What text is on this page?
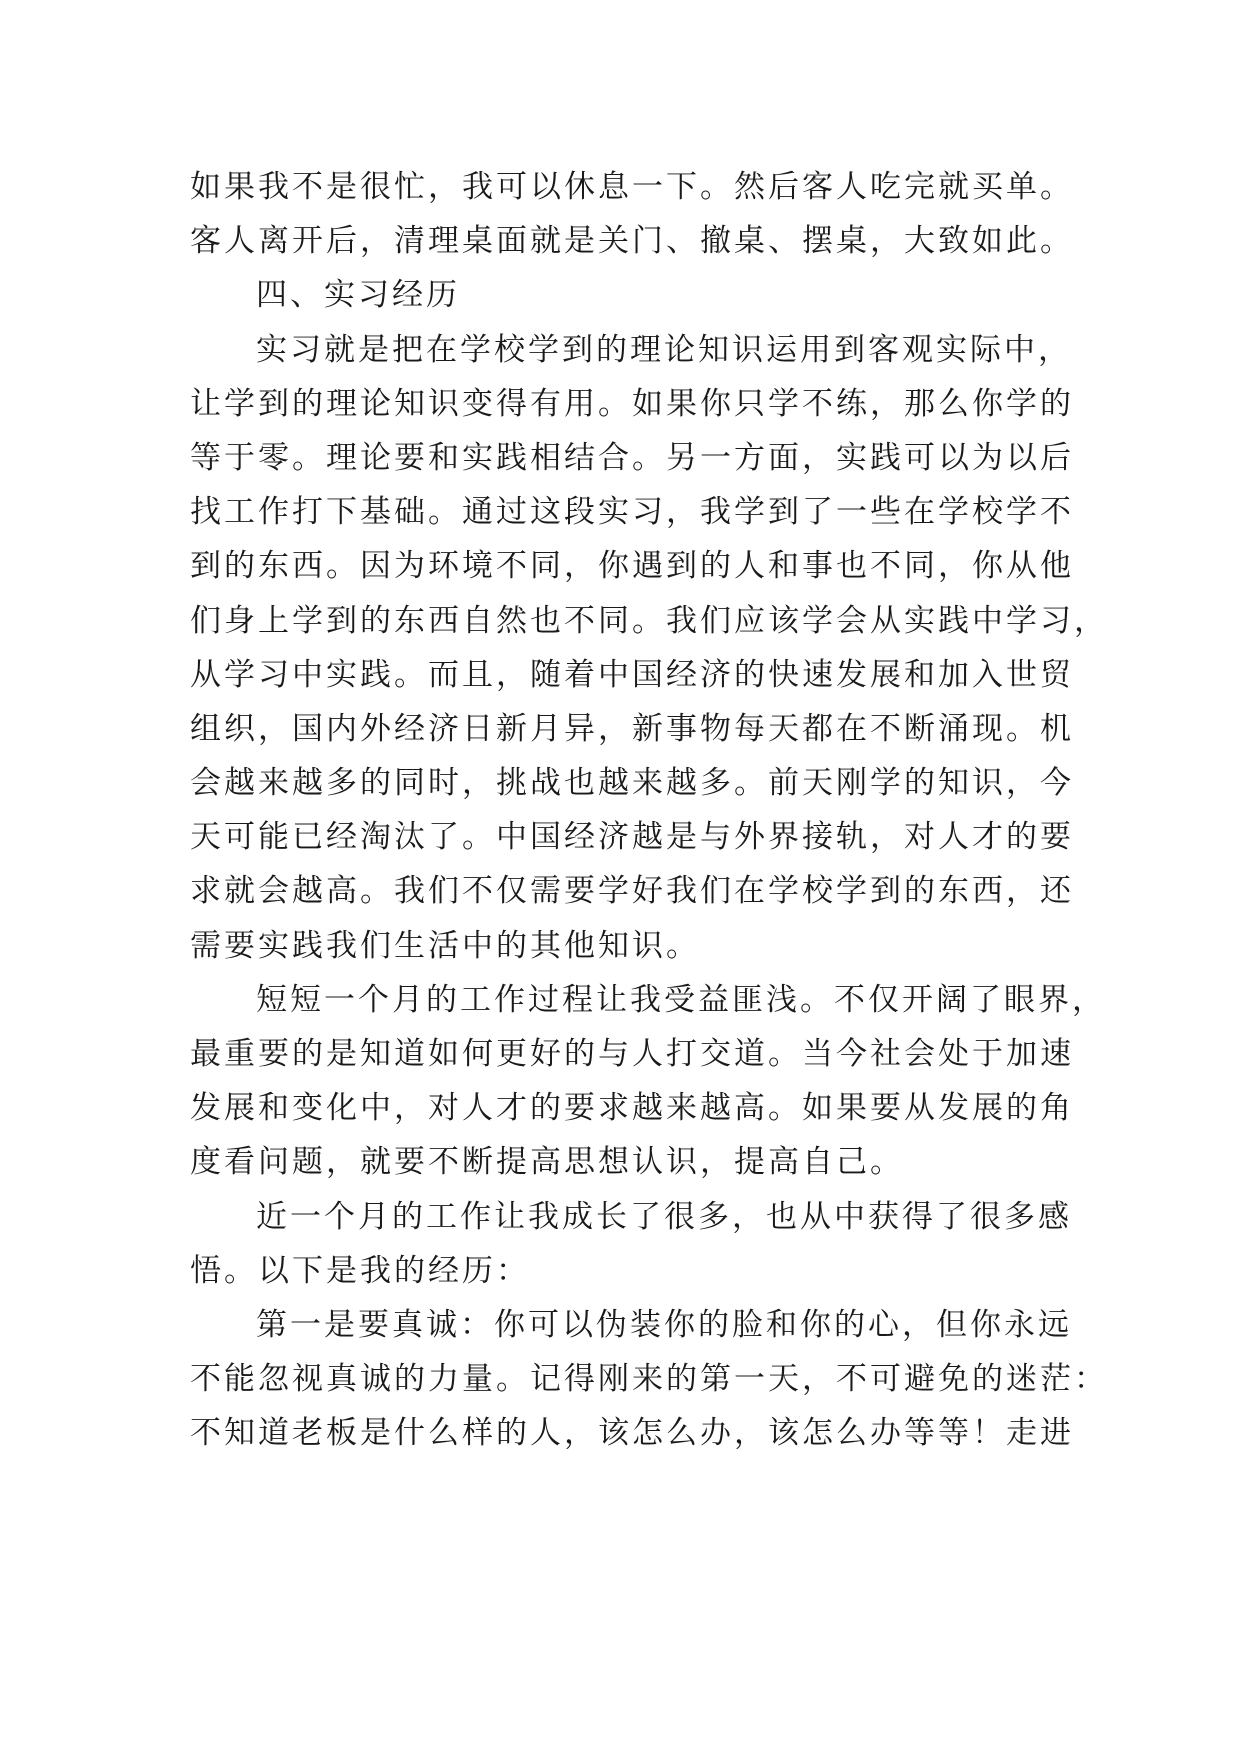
如果我不是很忙，我可以休息一下。然后客人吃完就买单。
客人离开后，清理桌面就是关门、撤桌、摆桌，大致如此。
四、实习经历
实习就是把在学校学到的理论知识运用到客观实际中，
让学到的理论知识变得有用。如果你只学不练，那么你学的
等于零。理论要和实践相结合。另一方面，实践可以为以后
找工作打下基础。通过这段实习，我学到了一些在学校学不
到的东西。因为环境不同，你遇到的人和事也不同，你从他
们身上学到的东西自然也不同。我们应该学会从实践中学习，
从学习中实践。而且，随着中国经济的快速发展和加入世贸
组织，国内外经济日新月异，新事物每天都在不断涌现。机
会越来越多的同时，挑战也越来越多。前天刚学的知识，今
天可能已经淘汰了。中国经济越是与外界接轨，对人才的要
求就会越高。我们不仅需要学好我们在学校学到的东西，还
需要实践我们生活中的其他知识。
短短一个月的工作过程让我受益匪浅。不仅开阔了眼界，
最重要的是知道如何更好的与人打交道。当今社会处于加速
发展和变化中，对人才的要求越来越高。如果要从发展的角
度看问题，就要不断提高思想认识，提高自己。
近一个月的工作让我成长了很多，也从中获得了很多感
悟。以下是我的经历：
第一是要真诚：你可以伪装你的脸和你的心，但你永远
不能忽视真诚的力量。记得刚来的第一天，不可避免的迷茫：
不知道老板是什么样的人，该怎么办，该怎么办等等！走进
